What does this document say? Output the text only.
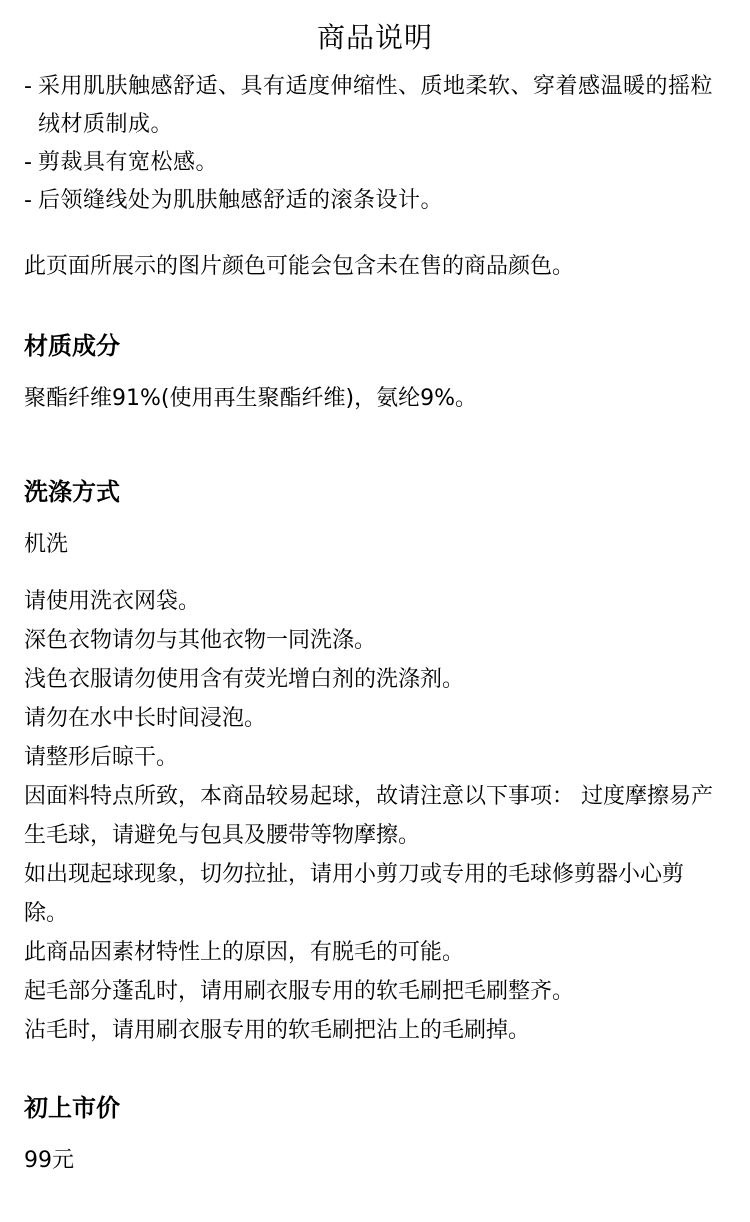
商品说明
- 采用肌肤触感舒适、具有适度伸缩性、质地柔软、穿着感温暖的摇粒绒材质制成。
- 剪裁具有宽松感。
- 后领缝线处为肌肤触感舒适的滚条设计。
此页面所展示的图片颜色可能会包含未在售的商品颜色。
材质成分
聚酯纤维91%(使用再生聚酯纤维)，氨纶9%。
洗涤方式
机洗
请使用洗衣网袋。
深色衣物请勿与其他衣物一同洗涤。
浅色衣服请勿使用含有荧光增白剂的洗涤剂。
请勿在水中长时间浸泡。
请整形后晾干。
因面料特点所致，本商品较易起球，故请注意以下事项： 过度摩擦易产生毛球，请避免与包具及腰带等物摩擦。
如出现起球现象，切勿拉扯，请用小剪刀或专用的毛球修剪器小心剪除。
此商品因素材特性上的原因，有脱毛的可能。
起毛部分蓬乱时，请用刷衣服专用的软毛刷把毛刷整齐。
沾毛时，请用刷衣服专用的软毛刷把沾上的毛刷掉。
初上市价
99元
